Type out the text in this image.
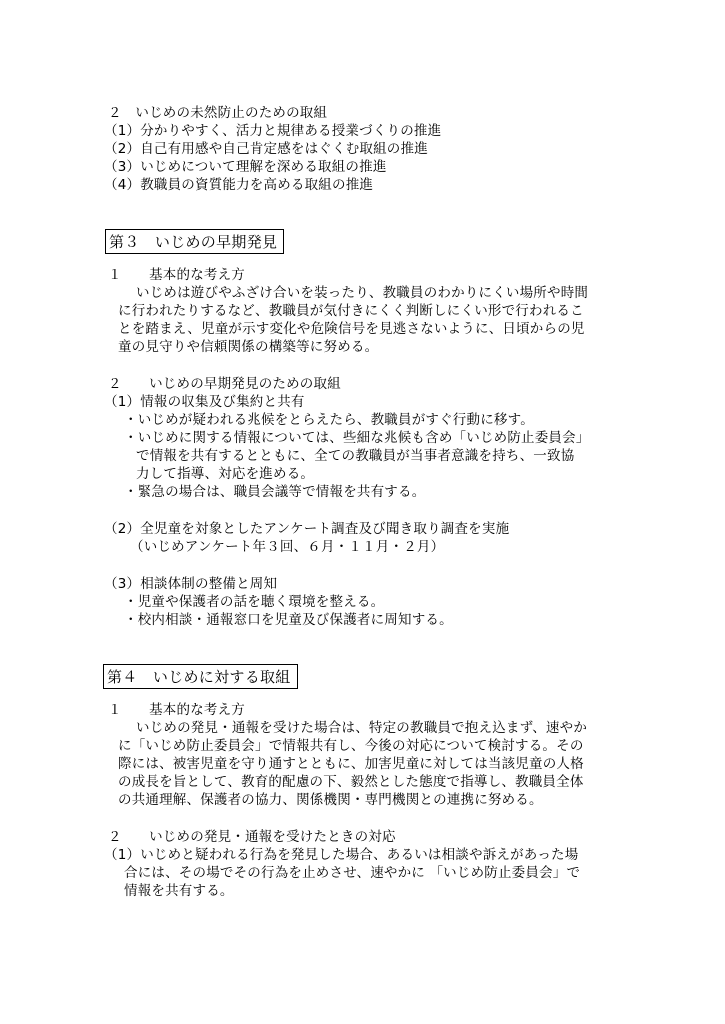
２　いじめの未然防止のための取組
（1）分かりやすく、活力と規律ある授業づくりの推進
（2）自己有用感や自己肯定感をはぐくむ取組の推進
（3）いじめについて理解を深める取組の推進
（4）教職員の資質能力を高める取組の推進
第３　いじめの早期発見
１　　基本的な考え方
いじめは遊びやふざけ合いを装ったり、教職員のわかりにくい場所や時間
に行われたりするなど、教職員が気付きにくく判断しにくい形で行われるこ
とを踏まえ、児童が示す変化や危険信号を見逃さないように、日頃からの児
童の見守りや信頼関係の構築等に努める。
２　　いじめの早期発見のための取組
（1）情報の収集及び集約と共有
・いじめが疑われる兆候をとらえたら、教職員がすぐ行動に移す。
・いじめに関する情報については、些細な兆候も含め「いじめ防止委員会」
で情報を共有するとともに、全ての教職員が当事者意識を持ち、一致協
力して指導、対応を進める。
・緊急の場合は、職員会議等で情報を共有する。
（2）全児童を対象としたアンケート調査及び聞き取り調査を実施
（いじめアンケート年３回、６月・１１月・２月）
（3）相談体制の整備と周知
・児童や保護者の話を聴く環境を整える。
・校内相談・通報窓口を児童及び保護者に周知する。
第４　いじめに対する取組
１　　基本的な考え方
いじめの発見・通報を受けた場合は、特定の教職員で抱え込まず、速やか
に「いじめ防止委員会」で情報共有し、今後の対応について検討する。その
際には、被害児童を守り通すとともに、加害児童に対しては当該児童の人格
の成長を旨として、教育的配慮の下、毅然とした態度で指導し、教職員全体
の共通理解、保護者の協力、関係機関・専門機関との連携に努める。
２　　いじめの発見・通報を受けたときの対応
（1）いじめと疑われる行為を発見した場合、あるいは相談や訴えがあった場
合には、その場でその行為を止めさせ、速やかに 「いじめ防止委員会」で
情報を共有する。
